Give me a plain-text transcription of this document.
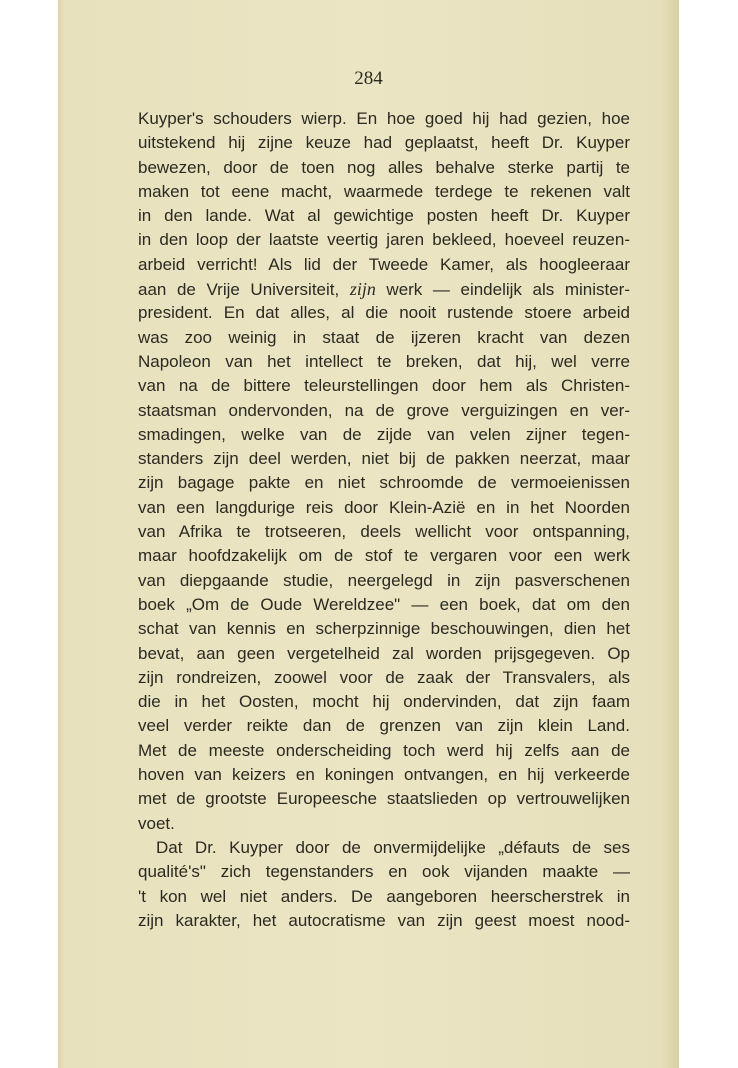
284
Kuyper's schouders wierp. En hoe goed hij had gezien, hoe
uitstekend hij zijne keuze had geplaatst, heeft Dr. Kuyper
bewezen, door de toen nog alles behalve sterke partij te
maken tot eene macht, waarmede terdege te rekenen valt
in den lande. Wat al gewichtige posten heeft Dr. Kuyper
in den loop der laatste veertig jaren bekleed, hoeveel reuzen-
arbeid verricht! Als lid der Tweede Kamer, als hoogleeraar
aan de Vrije Universiteit, zijn werk — eindelijk als minister-
president. En dat alles, al die nooit rustende stoere arbeid
was zoo weinig in staat de ijzeren kracht van dezen
Napoleon van het intellect te breken, dat hij, wel verre
van na de bittere teleurstellingen door hem als Christen-
staatsman ondervonden, na de grove verguizingen en ver-
smadingen, welke van de zijde van velen zijner tegen-
standers zijn deel werden, niet bij de pakken neerzat, maar
zijn bagage pakte en niet schroomde de vermoeienissen
van een langdurige reis door Klein-Azië en in het Noorden
van Afrika te trotseeren, deels wellicht voor ontspanning,
maar hoofdzakelijk om de stof te vergaren voor een werk
van diepgaande studie, neergelegd in zijn pasverschenen
boek „Om de Oude Wereldzee" — een boek, dat om den
schat van kennis en scherpzinnige beschouwingen, dien het
bevat, aan geen vergetelheid zal worden prijsgegeven. Op
zijn rondreizen, zoowel voor de zaak der Transvalers, als
die in het Oosten, mocht hij ondervinden, dat zijn faam
veel verder reikte dan de grenzen van zijn klein Land.
Met de meeste onderscheiding toch werd hij zelfs aan de
hoven van keizers en koningen ontvangen, en hij verkeerde
met de grootste Europeesche staatslieden op vertrouwelijken
voet.
Dat Dr. Kuyper door de onvermijdelijke „défauts de ses
qualité's" zich tegenstanders en ook vijanden maakte —
't kon wel niet anders. De aangeboren heerscherstrek in
zijn karakter, het autocratisme van zijn geest moest nood-
